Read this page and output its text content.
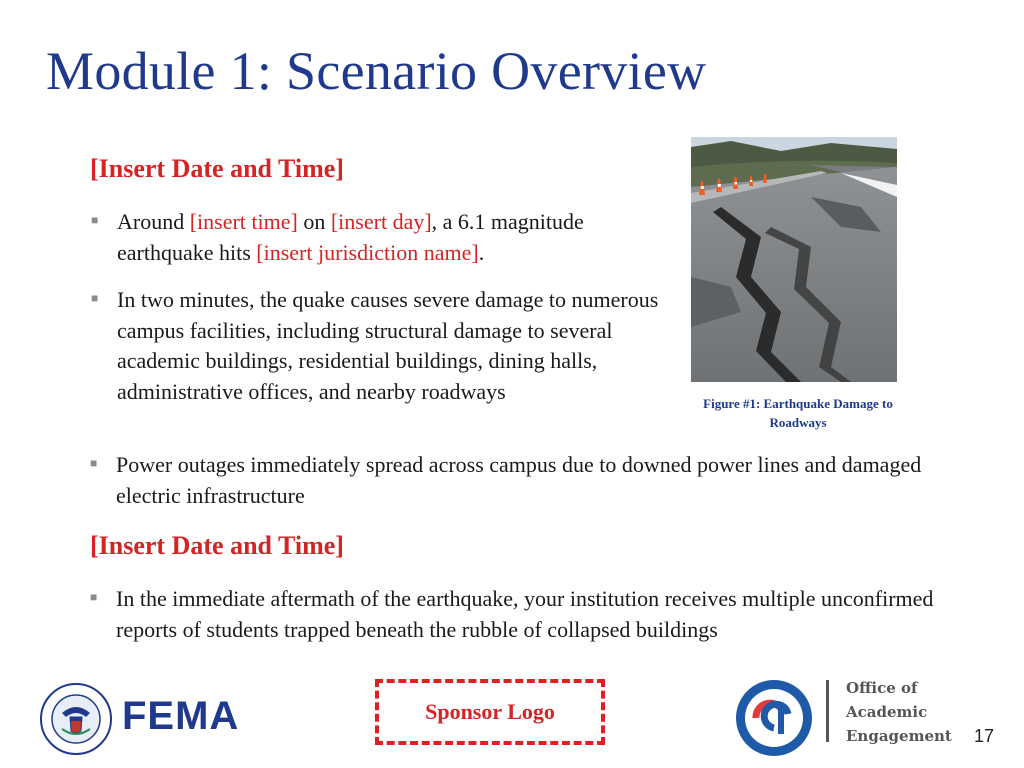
Module 1: Scenario Overview
[Insert Date and Time]
■
Around [insert time] on [insert day], a 6.1 magnitude earthquake hits [insert jurisdiction name].
■
In two minutes, the quake causes severe damage to numerous campus facilities, including structural damage to several academic buildings, residential buildings, dining halls, administrative offices, and nearby roadways
■
Power outages immediately spread across campus due to downed power lines and damaged electric infrastructure
[Insert Date and Time]
■
In the immediate aftermath of the earthquake, your institution receives multiple unconfirmed reports of students trapped beneath the rubble of collapsed buildings
Figure #1: Earthquake Damage to Roadways
FEMA	Sponsor Logo
Office of
Academic
Engagement 17
